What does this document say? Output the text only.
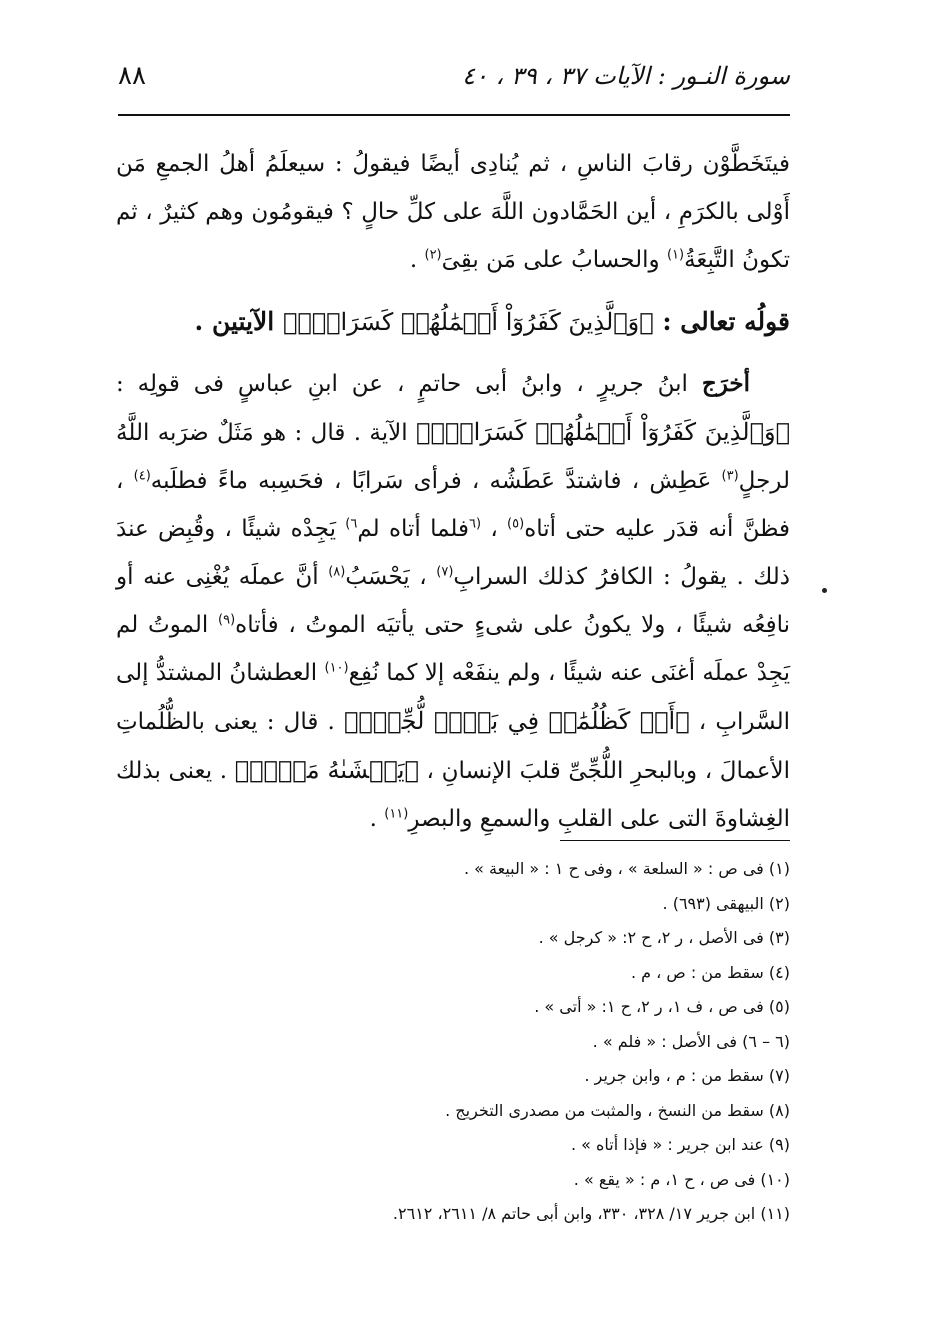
سورة النـور : الآيات ٣٧ ، ٣٩ ، ٤٠
٨٨

فيتَخَطَّوْن رقابَ الناسِ ، ثم يُنادِى أيضًا فيقولُ : سيعلَمُ أهلُ الجمعِ مَن أَوْلى بالكرَمِ ، أين الحَمَّادون اللَّهَ على كلِّ حالٍ ؟ فيقومُون وهم كثيرٌ ، ثم تكونُ التَّبِعَةُ$^{(١)}$ والحسابُ على مَن بقِىَ$^{(٢)}$ .

قولُه تعالى : ﴿وَٱلَّذِينَ كَفَرُوٓاْ أَعۡمَٰلُهُمۡ كَسَرَابِۭ﴾ الآيتين .

أخرَج ابنُ جريرٍ ، وابنُ أبى حاتمٍ ، عن ابنِ عباسٍ فى قولِه : ﴿وَٱلَّذِينَ كَفَرُوٓاْ أَعۡمَٰلُهُمۡ كَسَرَابِۭ﴾ الآية . قال : هو مَثَلٌ ضرَبه اللَّهُ لرجلٍ$^{(٣)}$ عَطِش ، فاشتدَّ عَطَشُه ، فرأى سَرابًا ، فحَسِبه ماءً فطلَبه$^{(٤)}$ ، فظنَّ أنه قدَر عليه حتى أتاه$^{(٥)}$ ، $^{(٦}$فلما أتاه لم$^{٦)}$ يَجِدْه شيئًا ، وقُبِض عندَ ذلك . يقولُ : الكافرُ كذلك السرابِ$^{(٧)}$ ، يَحْسَبُ$^{(٨)}$ أنَّ عملَه يُغْنِى عنه أو نافِعُه شيئًا ، ولا يكونُ على شىءٍ حتى يأتيَه الموتُ ، فأتاه$^{(٩)}$ الموتُ لم يَجِدْ عملَه أغنَى عنه شيئًا ، ولم ينفَعْه إلا كما نُفِع$^{(١٠)}$ العطشانُ المشتدُّ إلى السَّرابِ ، ﴿أَوۡ كَظُلُمَٰتٖ فِي بَحۡرٖ لُّجِّيّٖ﴾ . قال : يعنى بالظُّلُماتِ الأعمالَ ، وبالبحرِ اللُّجِّىِّ قلبَ الإنسانِ ، ﴿يَغۡشَىٰهُ مَوۡجٞ﴾ . يعنى بذلك الغِشاوةَ التى على القلبِ والسمعِ والبصرِ$^{(١١)}$ .

(١) فى ص : « السلعة » ، وفى ح ١ : « البيعة » .

(٢) البيهقى (٦٩٣) .

(٣) فى الأصل ، ر ٢، ح ٢: « كرجل » .

(٤) سقط من : ص ، م .

(٥) فى ص ، ف ١، ر ٢، ح ١: « أتى » .

(٦ – ٦) فى الأصل : « فلم » .

(٧) سقط من : م ، وابن جرير .

(٨) سقط من النسخ ، والمثبت من مصدرى التخريج .

(٩) عند ابن جرير : « فإذا أتاه » .

(١٠) فى ص ، ح ١، م : « يقع » .

(١١) ابن جرير ١٧/ ٣٢٨، ٣٣٠، وابن أبى حاتم ٨/ ٢٦١١، ٢٦١٢.
